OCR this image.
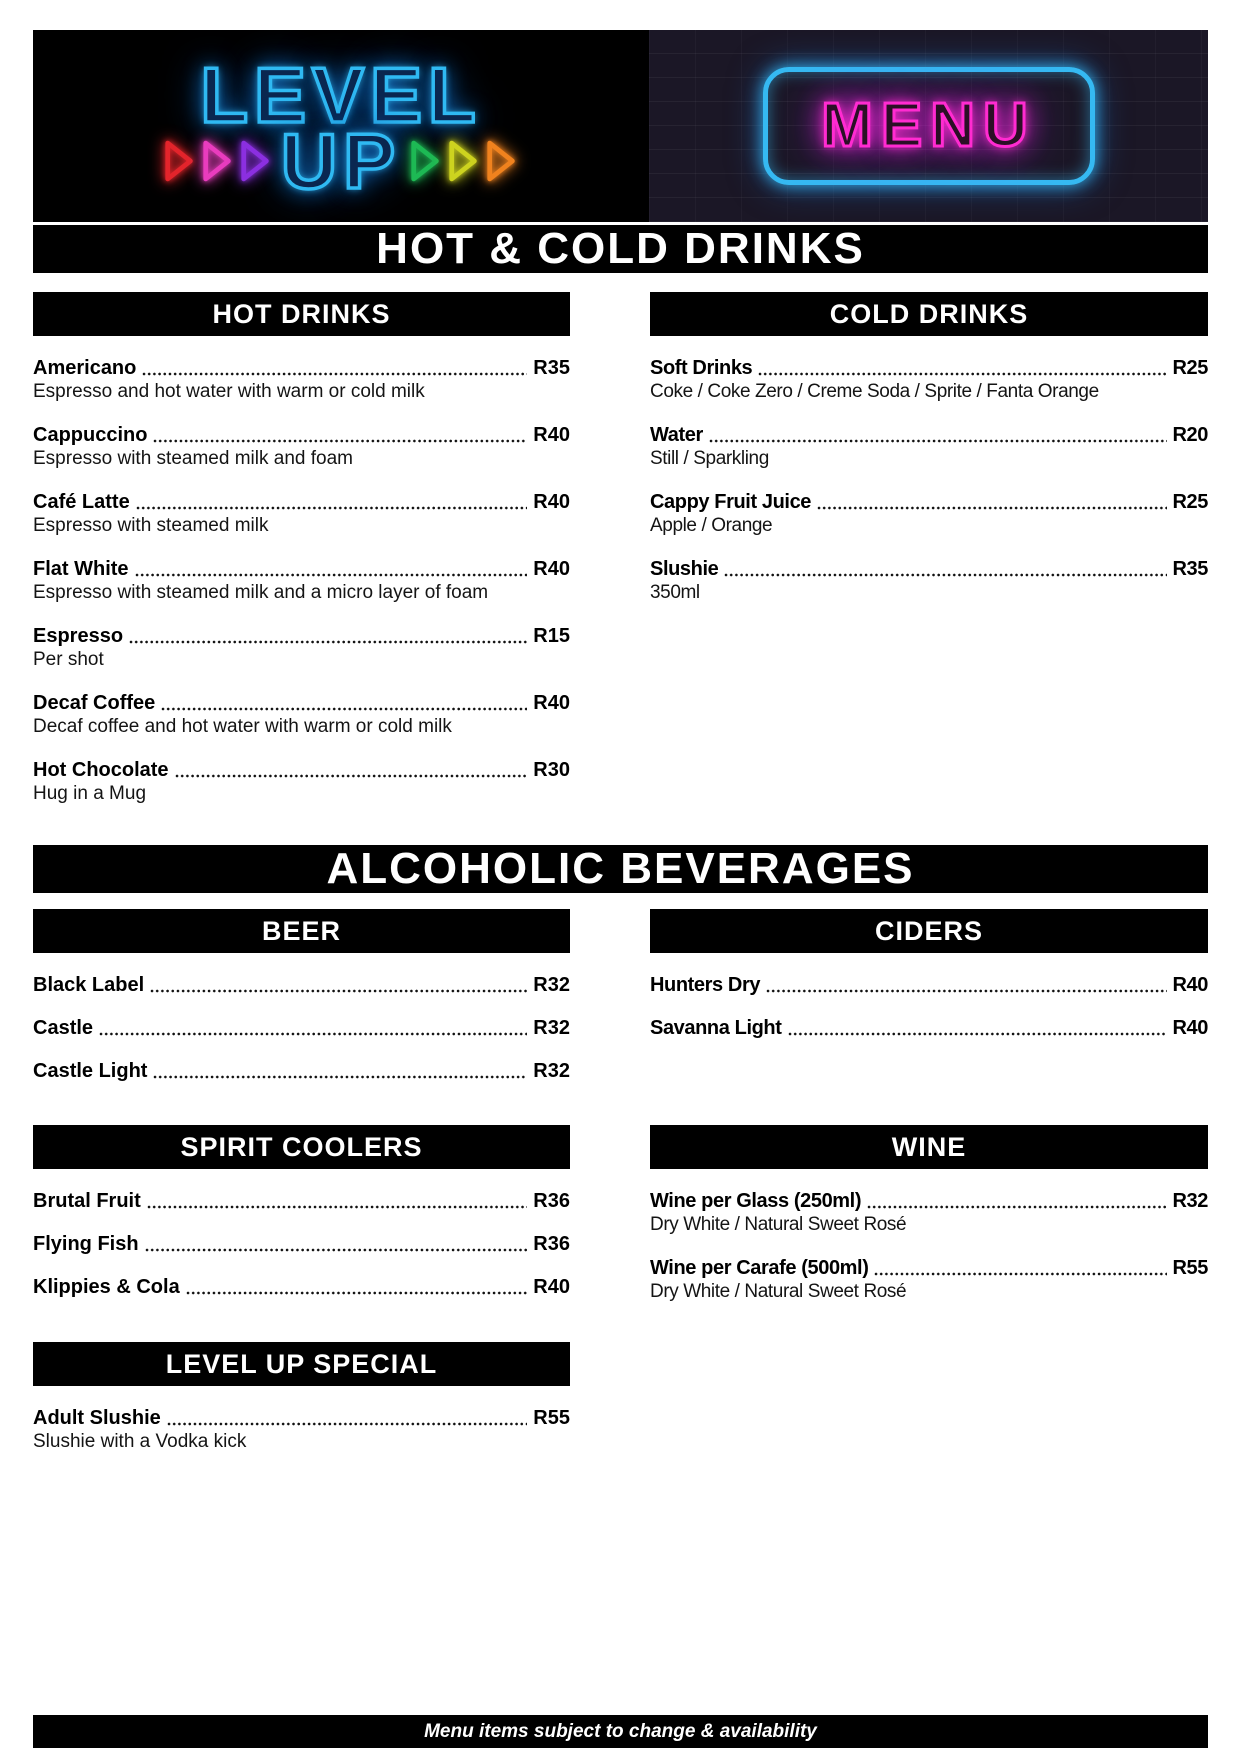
LEVEL
UP	MENU
HOT & COLD DRINKS
HOT DRINKS
Americano	R35
Espresso and hot water with warm or cold milk
Cappuccino	R40
Espresso with steamed milk and foam
Café Latte	R40
Espresso with steamed milk
Flat White	R40
Espresso with steamed milk and a micro layer of foam
Espresso	R15
Per shot
Decaf Coffee	R40
Decaf coffee and hot water with warm or cold milk
Hot Chocolate	R30
Hug in a Mug
COLD DRINKS
Soft Drinks	R25
Coke / Coke Zero / Creme Soda / Sprite / Fanta Orange
Water	R20
Still / Sparkling
Cappy Fruit Juice	R25
Apple / Orange
Slushie	R35
350ml
ALCOHOLIC BEVERAGES
BEER
Black Label	R32
Castle	R32
Castle Light	R32
SPIRIT COOLERS
Brutal Fruit	R36
Flying Fish	R36
Klippies & Cola	R40
LEVEL UP SPECIAL
Adult Slushie	R55
Slushie with a Vodka kick
CIDERS
Hunters Dry	R40
Savanna Light	R40
WINE
Wine per Glass (250ml)	R32
Dry White / Natural Sweet Rosé
Wine per Carafe (500ml)	R55
Dry White / Natural Sweet Rosé
Menu items subject to change & availability
